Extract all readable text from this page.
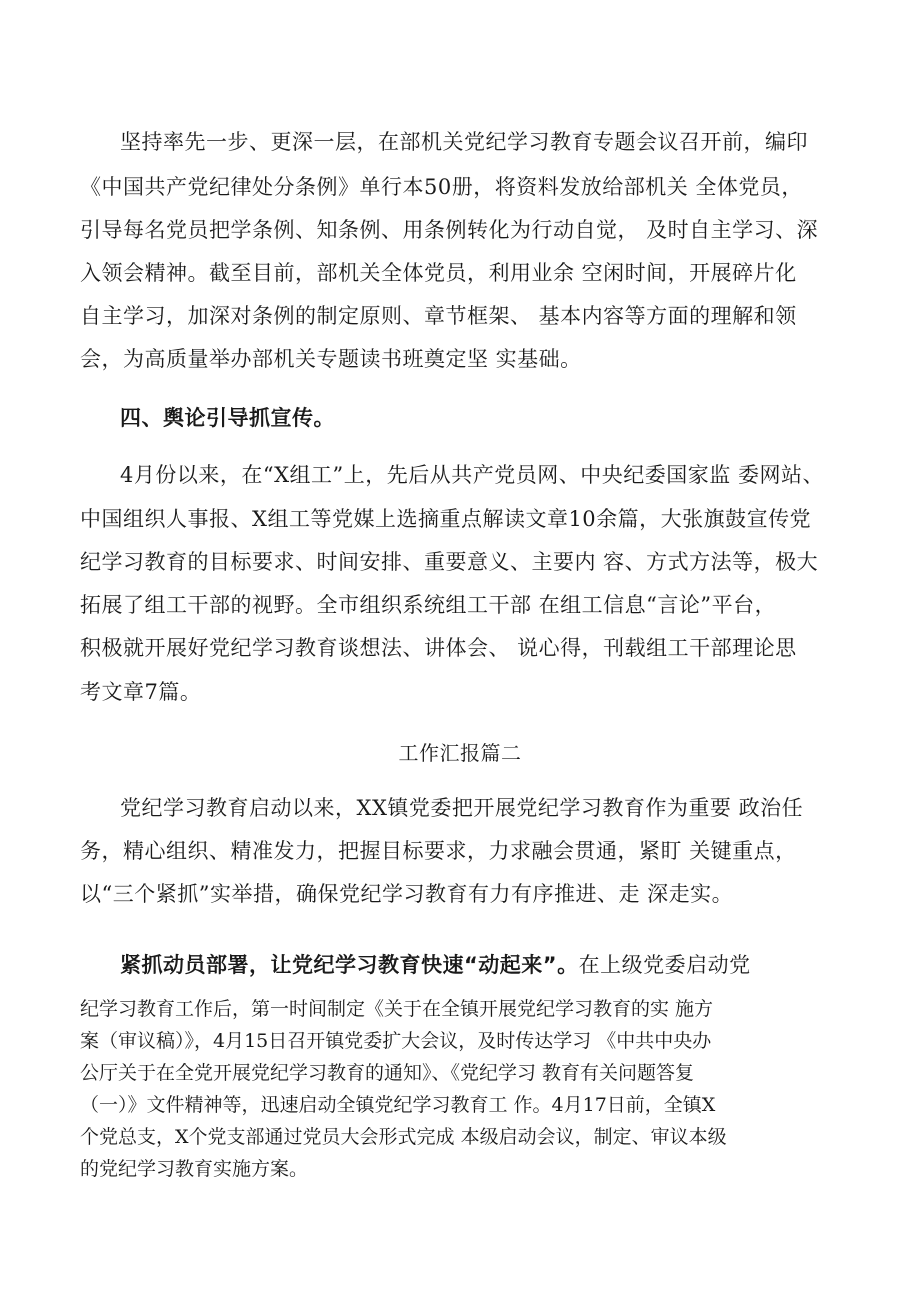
坚持率先一步、更深一层，在部机关党纪学习教育专题会议召开前，编印
《中国共产党纪律处分条例》单行本50册，将资料发放给部机关 全体党员，
引导每名党员把学条例、知条例、用条例转化为行动自觉， 及时自主学习、深
入领会精神。截至目前，部机关全体党员，利用业余 空闲时间，开展碎片化
自主学习，加深对条例的制定原则、章节框架、 基本内容等方面的理解和领
会，为高质量举办部机关专题读书班奠定坚 实基础。
四、舆论引导抓宣传。
4月份以来，在“X组工”上，先后从共产党员网、中央纪委国家监 委网站、
中国组织人事报、X组工等党媒上选摘重点解读文章10余篇，大张旗鼓宣传党
纪学习教育的目标要求、时间安排、重要意义、主要内 容、方式方法等，极大
拓展了组工干部的视野。全市组织系统组工干部 在组工信息“言论”平台，
积极就开展好党纪学习教育谈想法、讲体会、 说心得，刊载组工干部理论思
考文章7篇。
工作汇报篇二
党纪学习教育启动以来，XX镇党委把开展党纪学习教育作为重要 政治任
务，精心组织、精准发力，把握目标要求，力求融会贯通，紧盯 关键重点，
以“三个紧抓”实举措，确保党纪学习教育有力有序推进、走 深走实。
紧抓动员部署，让党纪学习教育快速“动起来”。在上级党委启动党
纪学习教育工作后，第一时间制定《关于在全镇开展党纪学习教育的实 施方
案（审议稿）》，4月15日召开镇党委扩大会议，及时传达学习 《中共中央办
公厅关于在全党开展党纪学习教育的通知》、《党纪学习 教育有关问题答复
（一）》文件精神等，迅速启动全镇党纪学习教育工 作。4月17日前，全镇X
个党总支，X个党支部通过党员大会形式完成 本级启动会议，制定、审议本级
的党纪学习教育实施方案。
